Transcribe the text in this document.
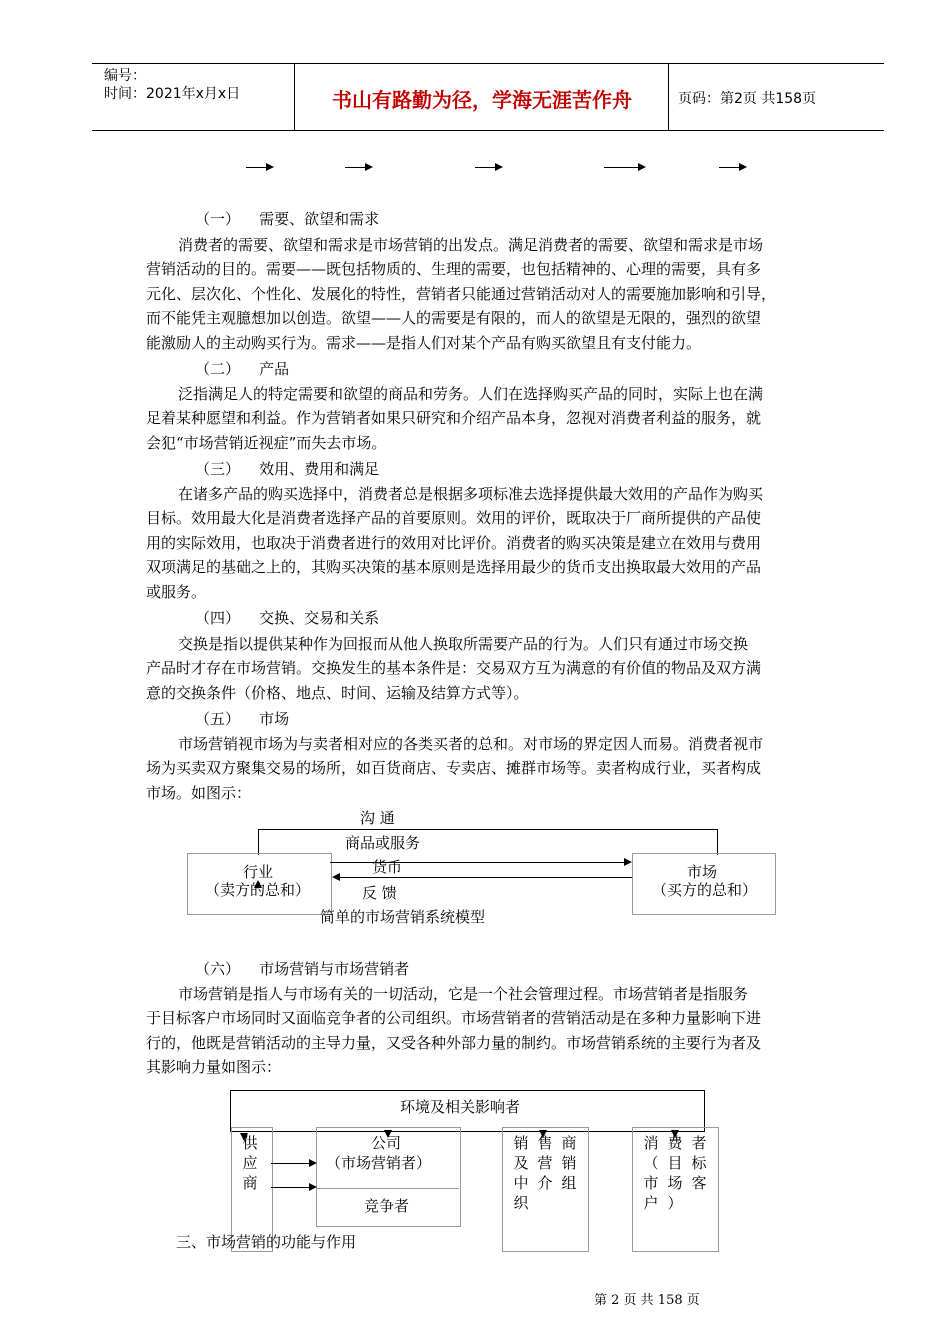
编号：
时间：2021年x月x日	书山有路勤为径，学海无涯苦作舟	页码：第2页 共158页
（一）    需要、欲望和需求
消费者的需要、欲望和需求是市场营销的出发点。满足消费者的需要、欲望和需求是市场
营销活动的目的。需要——既包括物质的、生理的需要，也包括精神的、心理的需要，具有多
元化、层次化、个性化、发展化的特性，营销者只能通过营销活动对人的需要施加影响和引导，
而不能凭主观臆想加以创造。欲望——人的需要是有限的，而人的欲望是无限的，强烈的欲望
能激励人的主动购买行为。需求——是指人们对某个产品有购买欲望且有支付能力。
（二）    产品
泛指满足人的特定需要和欲望的商品和劳务。人们在选择购买产品的同时，实际上也在满
足着某种愿望和利益。作为营销者如果只研究和介绍产品本身，忽视对消费者利益的服务，就
会犯“市场营销近视症”而失去市场。
（三）    效用、费用和满足
在诸多产品的购买选择中，消费者总是根据多项标准去选择提供最大效用的产品作为购买
目标。效用最大化是消费者选择产品的首要原则。效用的评价，既取决于厂商所提供的产品使
用的实际效用，也取决于消费者进行的效用对比评价。消费者的购买决策是建立在效用与费用
双项满足的基础之上的，其购买决策的基本原则是选择用最少的货币支出换取最大效用的产品
或服务。
（四）    交换、交易和关系
交换是指以提供某种作为回报而从他人换取所需要产品的行为。人们只有通过市场交换
产品时才存在市场营销。交换发生的基本条件是：交易双方互为满意的有价值的物品及双方满
意的交换条件（价格、地点、时间、运输及结算方式等）。
（五）    市场
市场营销视市场为与卖者相对应的各类买者的总和。对市场的界定因人而易。消费者视市
场为买卖双方聚集交易的场所，如百货商店、专卖店、摊群市场等。卖者构成行业，买者构成
市场。如图示：
沟 通
商品或服务
货币
行业
（卖方的总和）
市场
（买方的总和）
反 馈
简单的市场营销系统模型
（六）    市场营销与市场营销者
市场营销是指人与市场有关的一切活动，它是一个社会管理过程。市场营销者是指服务
于目标客户市场同时又面临竞争者的公司组织。市场营销者的营销活动是在多种力量影响下进
行的，他既是营销活动的主导力量，又受各种外部力量的制约。市场营销系统的主要行为者及
其影响力量如图示：
环境及相关影响者
供
应
商
公司
（市场营销者）
竞争者
销
及
中
织
售
营
介
商
销
组
消
（
市
户
费
目
场
）
者
标
客
三、市场营销的功能与作用
第 2 页 共 158 页
